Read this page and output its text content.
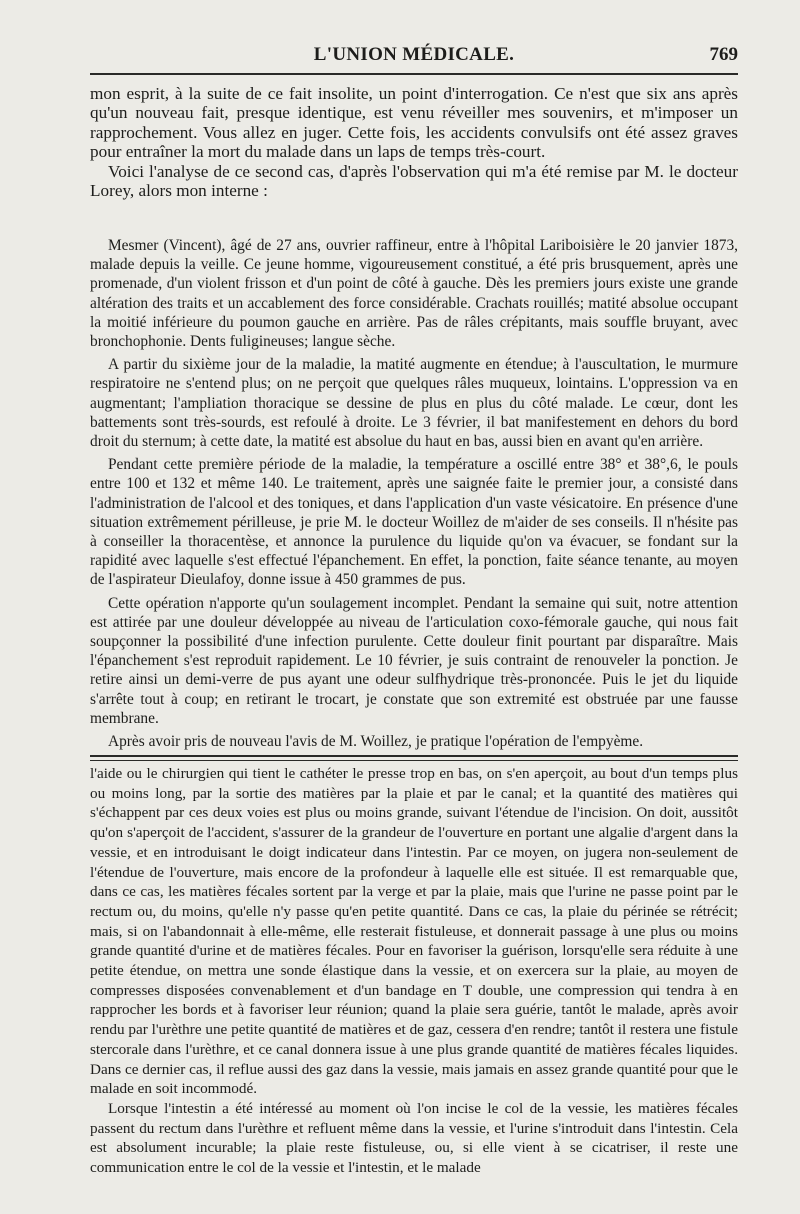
L'UNION MÉDICALE.	769

mon esprit, à la suite de ce fait insolite, un point d'interrogation. Ce n'est que six ans après qu'un nouveau fait, presque identique, est venu réveiller mes souvenirs, et m'imposer un rapprochement. Vous allez en juger. Cette fois, les accidents convulsifs ont été assez graves pour entraîner la mort du malade dans un laps de temps très-court.

Voici l'analyse de ce second cas, d'après l'observation qui m'a été remise par M. le docteur Lorey, alors mon interne :

Mesmer (Vincent), âgé de 27 ans, ouvrier raffineur, entre à l'hôpital Lariboisière le 20 janvier 1873, malade depuis la veille. Ce jeune homme, vigoureusement constitué, a été pris brusquement, après une promenade, d'un violent frisson et d'un point de côté à gauche. Dès les premiers jours existe une grande altération des traits et un accablement des force considérable. Crachats rouillés; matité absolue occupant la moitié inférieure du poumon gauche en arrière. Pas de râles crépitants, mais souffle bruyant, avec bronchophonie. Dents fuligineuses; langue sèche.

A partir du sixième jour de la maladie, la matité augmente en étendue; à l'auscultation, le murmure respiratoire ne s'entend plus; on ne perçoit que quelques râles muqueux, lointains. L'oppression va en augmentant; l'ampliation thoracique se dessine de plus en plus du côté malade. Le cœur, dont les battements sont très-sourds, est refoulé à droite. Le 3 février, il bat manifestement en dehors du bord droit du sternum; à cette date, la matité est absolue du haut en bas, aussi bien en avant qu'en arrière.

Pendant cette première période de la maladie, la température a oscillé entre 38° et 38°,6, le pouls entre 100 et 132 et même 140. Le traitement, après une saignée faite le premier jour, a consisté dans l'administration de l'alcool et des toniques, et dans l'application d'un vaste vésicatoire. En présence d'une situation extrêmement périlleuse, je prie M. le docteur Woillez de m'aider de ses conseils. Il n'hésite pas à conseiller la thoracentèse, et annonce la purulence du liquide qu'on va évacuer, se fondant sur la rapidité avec laquelle s'est effectué l'épanchement. En effet, la ponction, faite séance tenante, au moyen de l'aspirateur Dieulafoy, donne issue à 450 grammes de pus.

Cette opération n'apporte qu'un soulagement incomplet. Pendant la semaine qui suit, notre attention est attirée par une douleur développée au niveau de l'articulation coxo-fémorale gauche, qui nous fait soupçonner la possibilité d'une infection purulente. Cette douleur finit pourtant par disparaître. Mais l'épanchement s'est reproduit rapidement. Le 10 février, je suis contraint de renouveler la ponction. Je retire ainsi un demi-verre de pus ayant une odeur sulfhydrique très-prononcée. Puis le jet du liquide s'arrête tout à coup; en retirant le trocart, je constate que son extremité est obstruée par une fausse membrane.

Après avoir pris de nouveau l'avis de M. Woillez, je pratique l'opération de l'empyème.

l'aide ou le chirurgien qui tient le cathéter le presse trop en bas, on s'en aperçoit, au bout d'un temps plus ou moins long, par la sortie des matières par la plaie et par le canal; et la quantité des matières qui s'échappent par ces deux voies est plus ou moins grande, suivant l'étendue de l'incision. On doit, aussitôt qu'on s'aperçoit de l'accident, s'assurer de la grandeur de l'ouverture en portant une algalie d'argent dans la vessie, et en introduisant le doigt indicateur dans l'intestin. Par ce moyen, on jugera non-seulement de l'étendue de l'ouverture, mais encore de la profondeur à laquelle elle est située. Il est remarquable que, dans ce cas, les matières fécales sortent par la verge et par la plaie, mais que l'urine ne passe point par le rectum ou, du moins, qu'elle n'y passe qu'en petite quantité. Dans ce cas, la plaie du périnée se rétrécit; mais, si on l'abandonnait à elle-même, elle resterait fistuleuse, et donnerait passage à une plus ou moins grande quantité d'urine et de matières fécales. Pour en favoriser la guérison, lorsqu'elle sera réduite à une petite étendue, on mettra une sonde élastique dans la vessie, et on exercera sur la plaie, au moyen de compresses disposées convenablement et d'un bandage en T double, une compression qui tendra à en rapprocher les bords et à favoriser leur réunion; quand la plaie sera guérie, tantôt le malade, après avoir rendu par l'urèthre une petite quantité de matières et de gaz, cessera d'en rendre; tantôt il restera une fistule stercorale dans l'urèthre, et ce canal donnera issue à une plus grande quantité de matières fécales liquides. Dans ce dernier cas, il reflue aussi des gaz dans la vessie, mais jamais en assez grande quantité pour que le malade en soit incommodé.

Lorsque l'intestin a été intéressé au moment où l'on incise le col de la vessie, les matières fécales passent du rectum dans l'urèthre et refluent même dans la vessie, et l'urine s'introduit dans l'intestin. Cela est absolument incurable; la plaie reste fistuleuse, ou, si elle vient à se cicatriser, il reste une communication entre le col de la vessie et l'intestin, et le malade
